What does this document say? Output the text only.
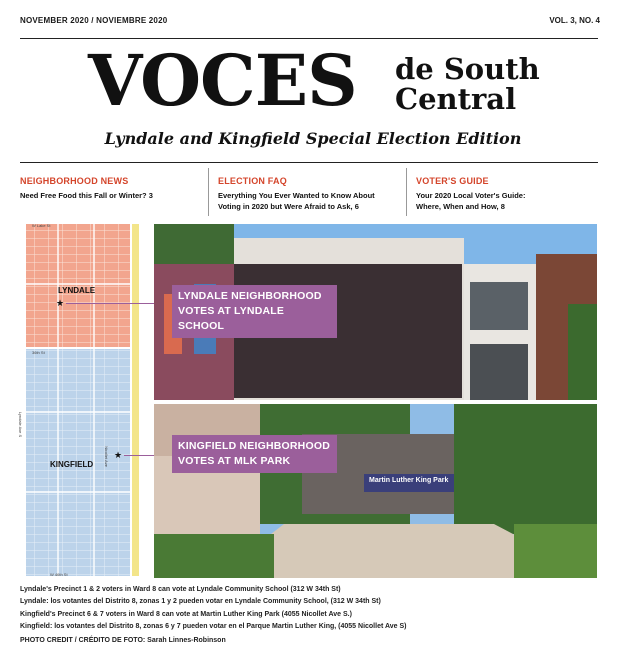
NOVEMBER 2020 / NOVIEMBRE 2020	VOL. 3, NO. 4
VOCES de South
Central
Lyndale and Kingfield Special Election Edition
NEIGHBORHOOD NEWS
Need Free Food this Fall or Winter? 3
ELECTION FAQ
Everything You Ever Wanted to Know About
Voting in 2020 but Were Afraid to Ask, 6
VOTER'S GUIDE
Your 2020 Local Voter's Guide:
Where, When and How, 8
W Lake St
36th St
W 46th St
Lyndale Ave S
Nicollet Ave
LYNDALE
★
KINGFIELD
★
LYNDALE NEIGHBORHOOD
VOTES AT LYNDALE SCHOOL
Martin Luther King Park
KINGFIELD NEIGHBORHOOD
VOTES AT MLK PARK
Lyndale's Precinct 1 & 2 voters in Ward 8 can vote at Lyndale Community School (312 W 34th St)
Lyndale: los votantes del Distrito 8, zonas 1 y 2 pueden votar en Lyndale Community School, (312 W 34th St)
Kingfield's Precinct 6 & 7 voters in Ward 8 can vote at Martin Luther King Park (4055 Nicollet Ave S.)
Kingfield: los votantes del Distrito 8, zonas 6 y 7 pueden votar en el Parque Martin Luther King, (4055 Nicollet Ave S)
PHOTO CREDIT / CRÉDITO DE FOTO: Sarah Linnes-Robinson
